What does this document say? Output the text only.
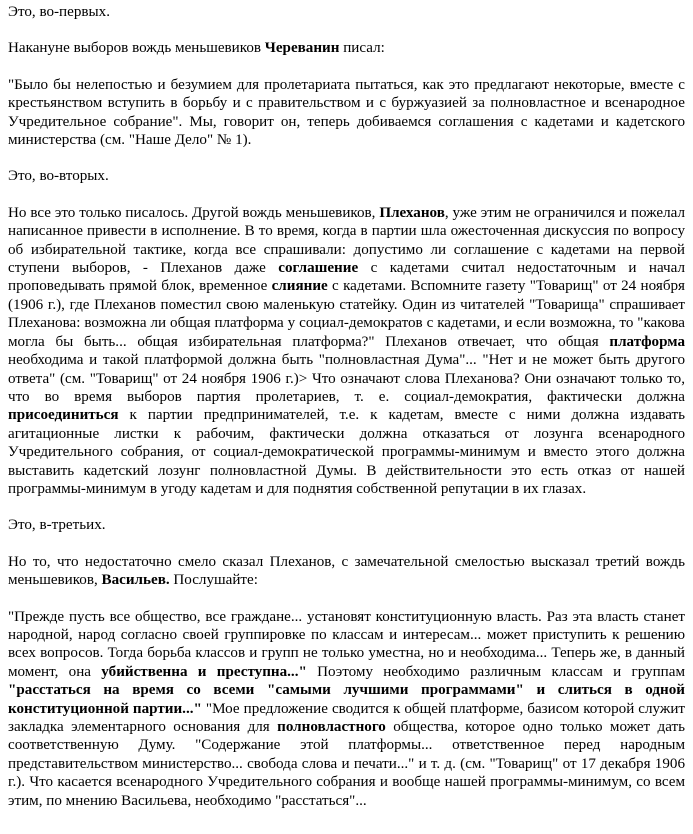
Это, во-первых.

Накануне выборов вождь меньшевиков Череванин писал:

"Было бы нелепостью и безумием для пролетариата пытаться, как это предлагают некоторые, вместе с крестьянством вступить в борьбу и с правительством и с буржуазией за полновластное и всенародное Учредительное собрание". Мы, говорит он, теперь добиваемся соглашения с кадетами и кадетского министерства (см. "Наше Дело" № 1).

Это, во-вторых.

Но все это только писалось. Другой вождь меньшевиков, Плеханов, уже этим не ограничился и пожелал написанное привести в исполнение. В то время, когда в партии шла ожесточенная дискуссия по вопросу об избирательной тактике, когда все спрашивали: допустимо ли соглашение с кадетами на первой ступени выборов, - Плеханов даже соглашение с кадетами считал недостаточным и начал проповедывать прямой блок, временное слияние с кадетами. Вспомните газету "Товарищ" от 24 ноября (1906 г.), где Плеханов поместил свою маленькую статейку. Один из читателей "Товарища" спрашивает Плеханова: возможна ли общая платформа у социал-демократов с кадетами, и если возможна, то "какова могла бы быть... общая избирательная платформа?" Плеханов отвечает, что общая платформа необходима и такой платформой должна быть "полновластная Дума"... "Нет и не может быть другого ответа" (см. "Товарищ" от 24 ноября 1906 г.)> Что означают слова Плеханова? Они означают только то, что во время выборов партия пролетариев, т. е. социал-демократия, фактически должна присоединиться к партии предпринимателей, т.е. к кадетам, вместе с ними должна издавать агитационные листки к рабочим, фактически должна отказаться от лозунга всенародного Учредительного собрания, от социал-демократической программы-минимум и вместо этого должна выставить кадетский лозунг полновластной Думы. В действительности это есть отказ от нашей программы-минимум в угоду кадетам и для поднятия собственной репутации в их глазах.

Это, в-третьих.

Но то, что недостаточно смело сказал Плеханов, с замечательной смелостью высказал третий вождь меньшевиков, Васильев. Послушайте:

"Прежде пусть все общество, все граждане... установят конституционную власть. Раз эта власть станет народной, народ согласно своей группировке по классам и интересам... может приступить к решению всех вопросов. Тогда борьба классов и групп не только уместна, но и необходима... Теперь же, в данный момент, она убийственна и преступна..." Поэтому необходимо различным классам и группам "расстаться на время со всеми "самыми лучшими программами" и слиться в одной конституционной партии..." "Мое предложение сводится к общей платформе, базисом которой служит закладка элементарного основания для полновластного общества, которое одно только может дать соответственную Думу. "Содержание этой платформы... ответственное перед народным представительством министерство... свобода слова и печати..." и т. д. (см. "Товарищ" от 17 декабря 1906 г.). Что касается всенародного Учредительного собрания и вообще нашей программы-минимум, со всем этим, по мнению Васильева, необходимо "расстаться"...
